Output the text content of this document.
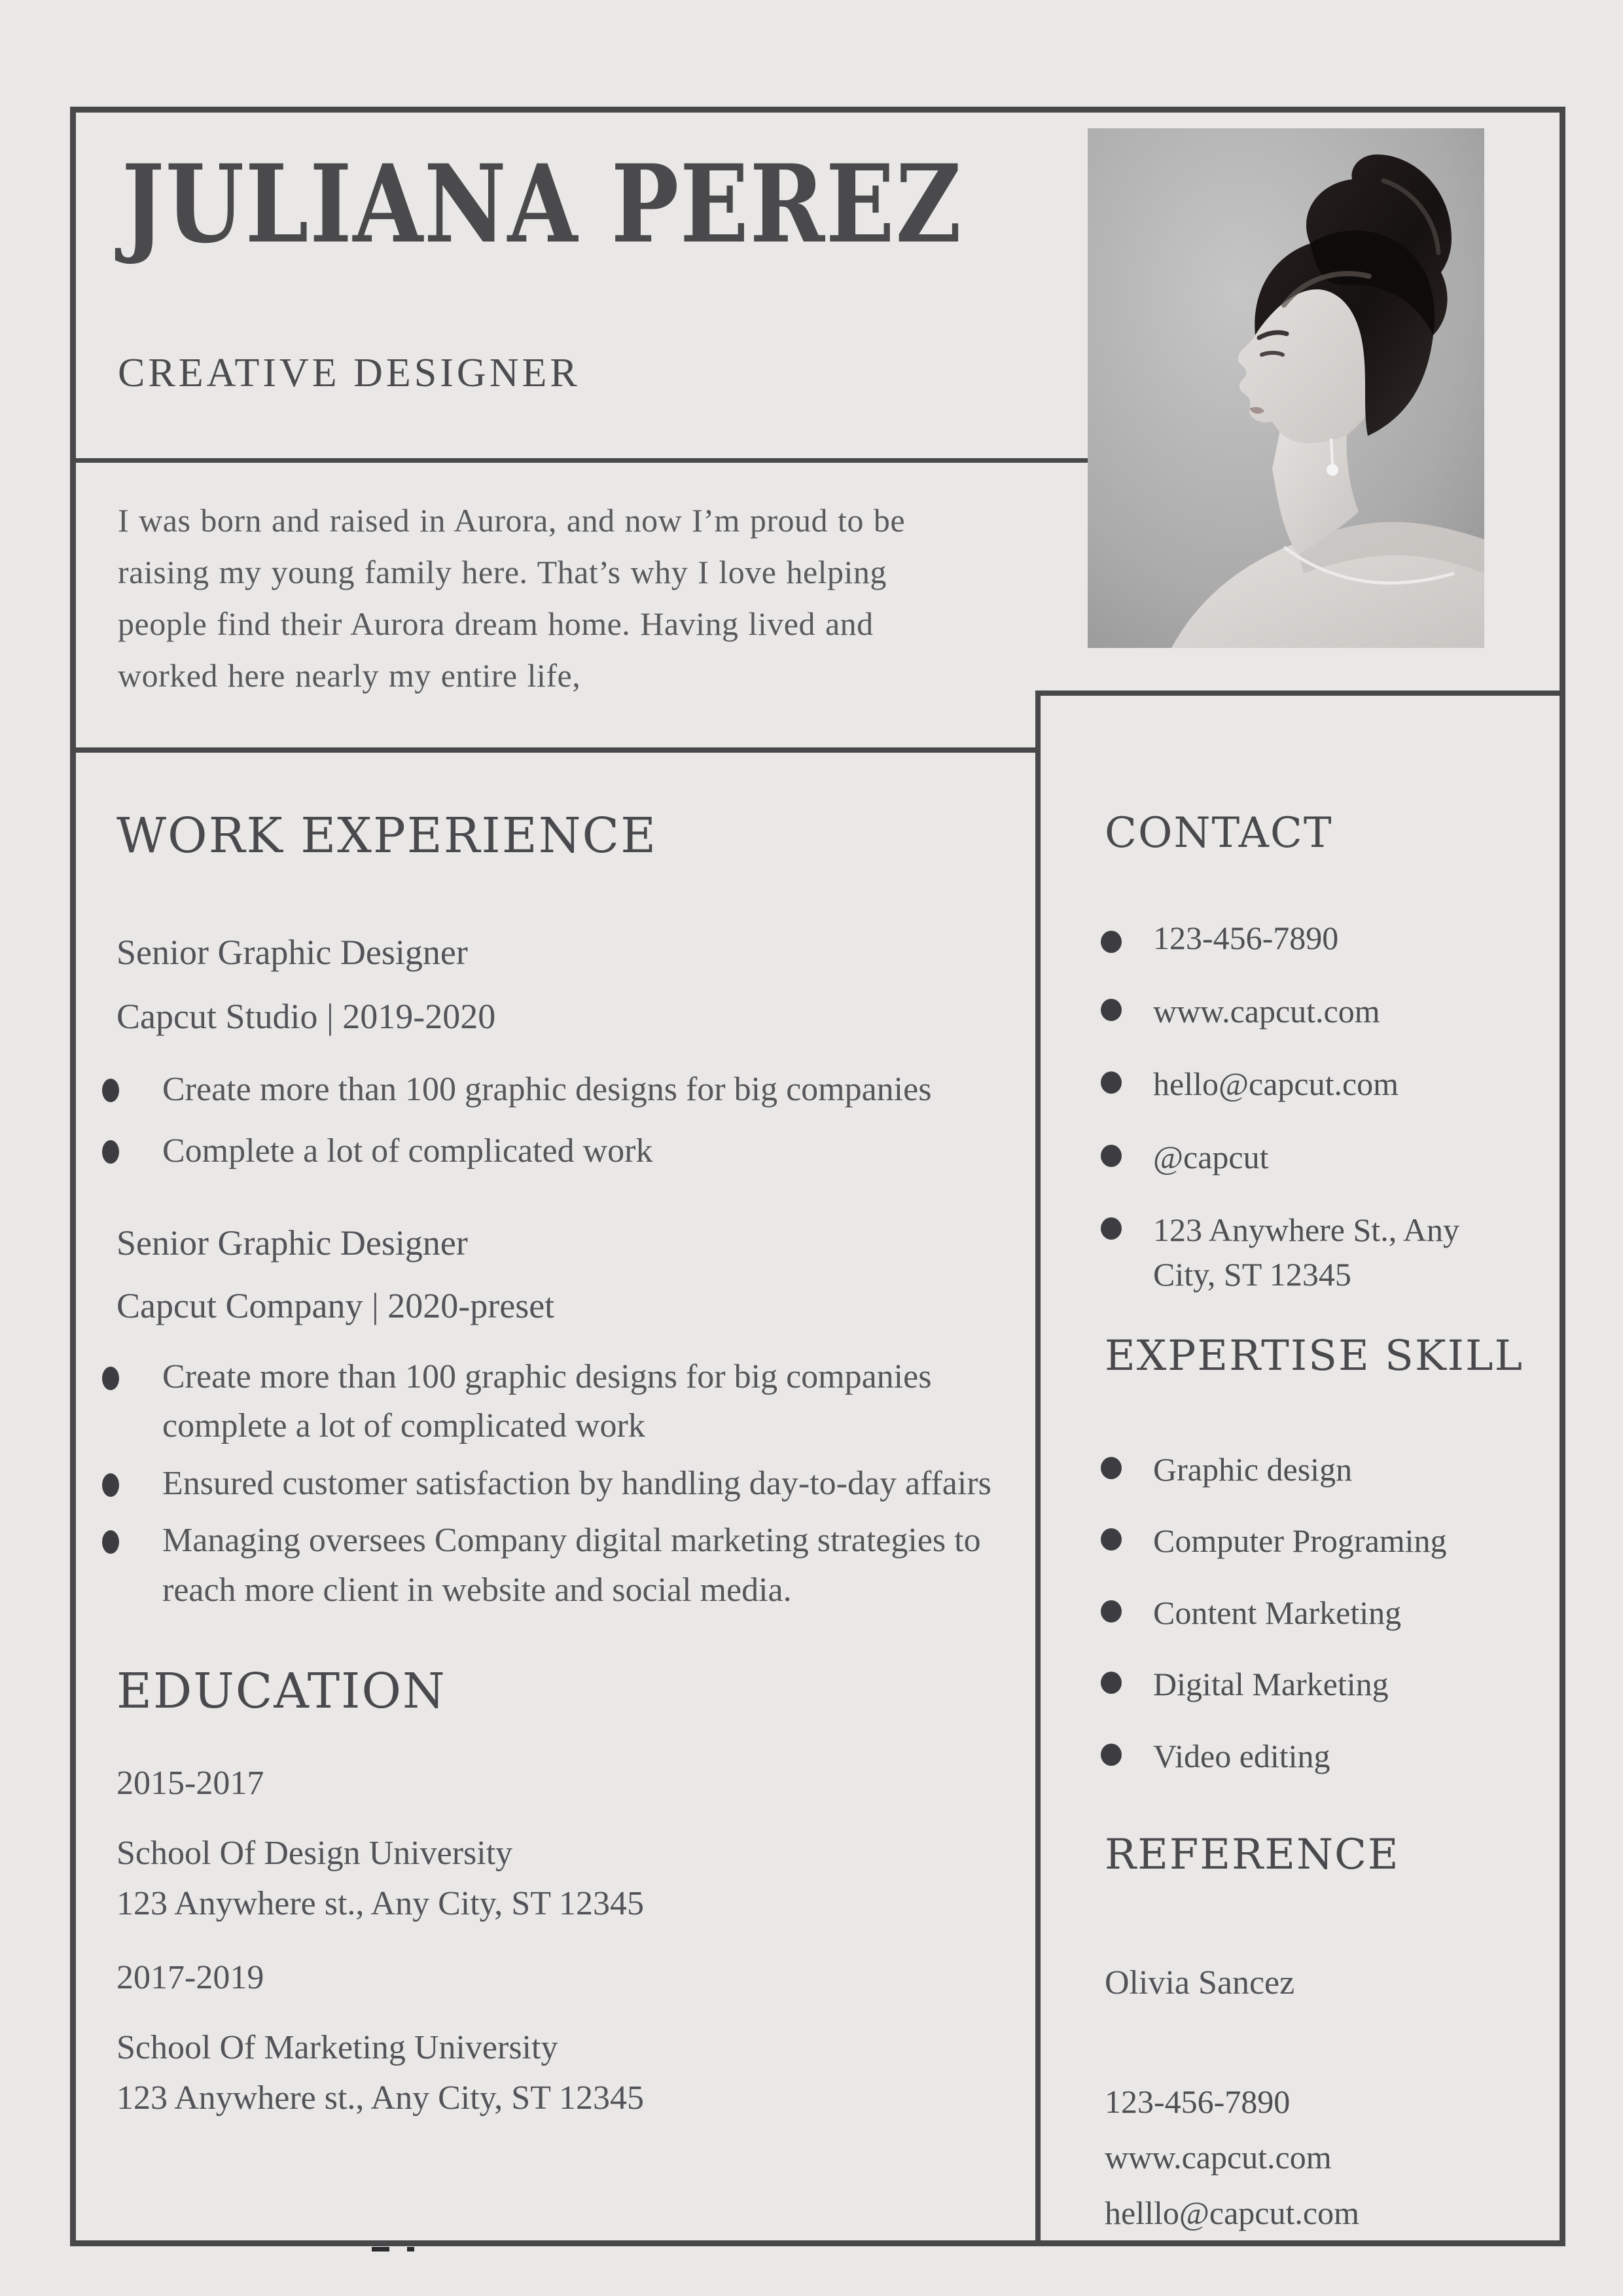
JULIANA PEREZ
CREATIVE DESIGNER
I was born and raised in Aurora, and now I’m proud to be raising my young family here. That’s why I love helping people find their Aurora dream home. Having lived and worked here nearly my entire life,
WORK EXPERIENCE
Senior Graphic Designer
Capcut Studio | 2019-2020
Create more than 100 graphic designs for big companies
Complete a lot of complicated work
Senior Graphic Designer
Capcut Company | 2020-preset
Create more than 100 graphic designs for big companies complete a lot of complicated work
Ensured customer satisfaction by handling day-to-day affairs
Managing oversees Company digital marketing strategies to reach more client in website and social media.
EDUCATION
2015-2017
School Of Design University
123 Anywhere st., Any City, ST 12345
2017-2019
School Of Marketing University
123 Anywhere st., Any City, ST 12345
CONTACT
123-456-7890
www.capcut.com
hello@capcut.com
@capcut
123 Anywhere St., Any City, ST 12345
EXPERTISE SKILL
Graphic design
Computer Programing
Content Marketing
Digital Marketing
Video editing
REFERENCE
Olivia Sancez
123-456-7890
www.capcut.com
helllo@capcut.com
